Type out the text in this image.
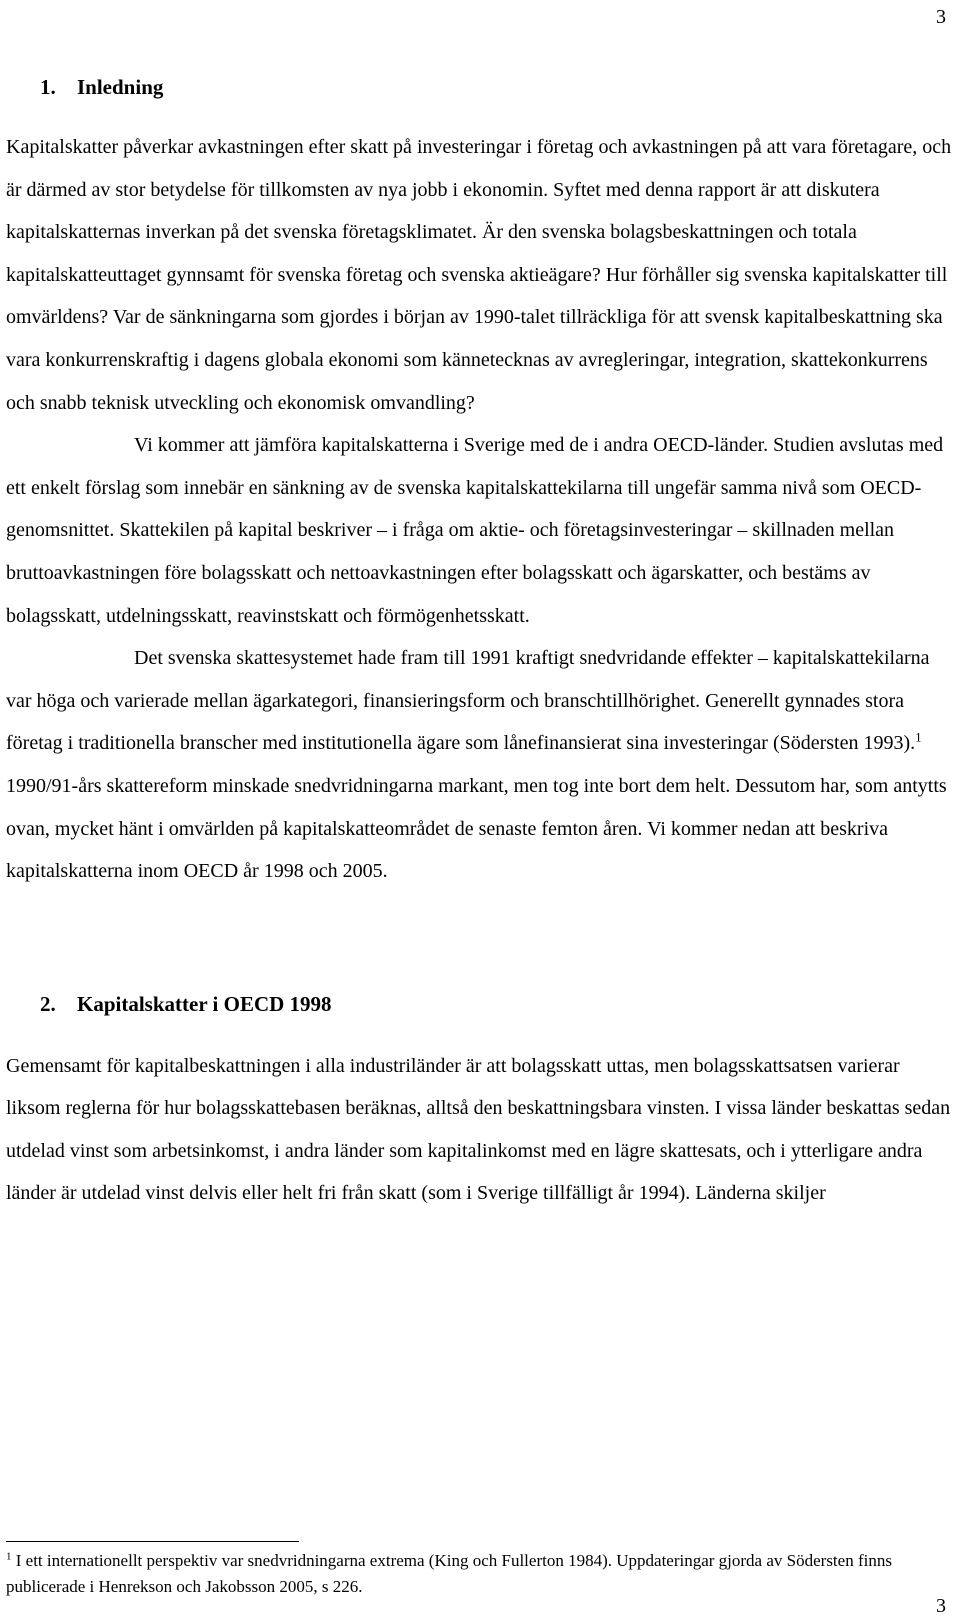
3
1. Inledning

Kapitalskatter påverkar avkastningen efter skatt på investeringar i företag och avkastningen på att vara företagare, och är därmed av stor betydelse för tillkomsten av nya jobb i ekonomin. Syftet med denna rapport är att diskutera kapitalskatternas inverkan på det svenska företagsklimatet. Är den svenska bolagsbeskattningen och totala kapitalskatteuttaget gynnsamt för svenska företag och svenska aktieägare? Hur förhåller sig svenska kapitalskatter till omvärldens? Var de sänkningarna som gjordes i början av 1990-talet tillräckliga för att svensk kapitalbeskattning ska vara konkurrenskraftig i dagens globala ekonomi som kännetecknas av avregleringar, integration, skattekonkurrens och snabb teknisk utveckling och ekonomisk omvandling?

Vi kommer att jämföra kapitalskatterna i Sverige med de i andra OECD-länder. Studien avslutas med ett enkelt förslag som innebär en sänkning av de svenska kapitalskattekilarna till ungefär samma nivå som OECD-genomsnittet. Skattekilen på kapital beskriver – i fråga om aktie- och företagsinvesteringar – skillnaden mellan bruttoavkastningen före bolagsskatt och nettoavkastningen efter bolagsskatt och ägarskatter, och bestäms av bolagsskatt, utdelningsskatt, reavinstskatt och förmögenhetsskatt.

Det svenska skattesystemet hade fram till 1991 kraftigt snedvridande effekter – kapitalskattekilarna var höga och varierade mellan ägarkategori, finansieringsform och branschtillhörighet. Generellt gynnades stora företag i traditionella branscher med institutionella ägare som lånefinansierat sina investeringar (Södersten 1993).$^1$ 1990/91-års skattereform minskade snedvridningarna markant, men tog inte bort dem helt. Dessutom har, som antytts ovan, mycket hänt i omvärlden på kapitalskatteområdet de senaste femton åren. Vi kommer nedan att beskriva kapitalskatterna inom OECD år 1998 och 2005.

2. Kapitalskatter i OECD 1998

Gemensamt för kapitalbeskattningen i alla industriländer är att bolagsskatt uttas, men bolagsskattsatsen varierar liksom reglerna för hur bolagsskattebasen beräknas, alltså den beskattningsbara vinsten. I vissa länder beskattas sedan utdelad vinst som arbetsinkomst, i andra länder som kapitalinkomst med en lägre skattesats, och i ytterligare andra länder är utdelad vinst delvis eller helt fri från skatt (som i Sverige tillfälligt år 1994). Länderna skiljer

$^1$ I ett internationellt perspektiv var snedvridningarna extrema (King och Fullerton 1984). Uppdateringar gjorda av Södersten finns publicerade i Henrekson och Jakobsson 2005, s 226.
3
